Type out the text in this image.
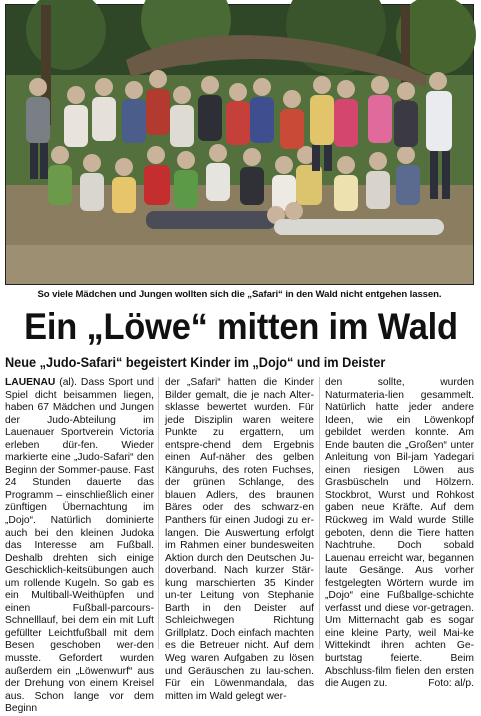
So viele Mädchen und Jungen wollten sich die „Safari“ in den Wald nicht entgehen lassen.
Ein „Löwe“ mitten im Wald
Neue „Judo-Safari“ begeistert Kinder im „Dojo“ und im Deister

LAUENAU (al). Dass Sport und Spiel dicht beisammen liegen, haben 67 Mädchen und Jungen der Judo-Abteilung im Lauenauer Sportverein Victoria erleben dür-fen. Wieder markierte eine „Judo-Safari“ den Beginn der Sommer-pause. Fast 24 Stunden dauerte das Programm – einschließlich einer zünftigen Übernachtung im „Dojo“. Natürlich dominierte auch bei den kleinen Judoka das Interesse am Fußball. Deshalb drehten sich einige Geschicklich-keitsübungen auch um rollende Kugeln. So gab es ein Multiball-Weithüpfen und einen Fußball-parcours-Schnelllauf, bei dem ein mit Luft gefüllter Leichtfußball mit dem Besen geschoben wer-den musste. Gefordert wurden außerdem ein „Löwenwurf“ aus der Drehung von einem Kreisel aus. Schon lange vor dem Beginn

der „Safari“ hatten die Kinder Bilder gemalt, die je nach Alter-sklasse bewertet wurden. Für jede Disziplin waren weitere Punkte zu ergattern, um entspre-chend dem Ergebnis einen Auf-näher des gelben Känguruhs, des roten Fuchses, der grünen Schlange, des blauen Adlers, des braunen Bäres oder des schwarz-en Panthers für einen Judogi zu er-langen. Die Auswertung erfolgt im Rahmen einer bundesweiten Aktion durch den Deutschen Ju-doverband. Nach kurzer Stär-kung marschierten 35 Kinder un-ter Leitung von Stephanie Barth in den Deister auf Schleichwegen Richtung Grillplatz. Doch einfach machten es die Betreuer nicht. Auf dem Weg waren Aufgaben zu lösen und Geräuschen zu lau-schen. Für ein Löwenmandala, das mitten im Wald gelegt wer-

den sollte, wurden Naturmateria-lien gesammelt. Natürlich hatte jeder andere Ideen, wie ein Löwenkopf gebildet werden konnte. Am Ende bauten die „Großen“ unter Anleitung von Bil-jam Yadegari einen riesigen Löwen aus Grasbüscheln und Hölzern. Stockbrot, Wurst und Rohkost gaben neue Kräfte. Auf dem Rückweg im Wald wurde Stille geboten, denn die Tiere hatten Nachtruhe. Doch sobald Lauenau erreicht war, begannen laute Gesänge. Aus vorher festgelegten Wörtern wurde im „Dojo“ eine Fußballge-schichte verfasst und diese vor-getragen. Um Mitternacht gab es sogar eine kleine Party, weil Mai-ke Wittekindt ihren achten Ge-burtstag feierte. Beim Abschluss-film fielen den ersten die Augen zu.	Foto: al/p.
